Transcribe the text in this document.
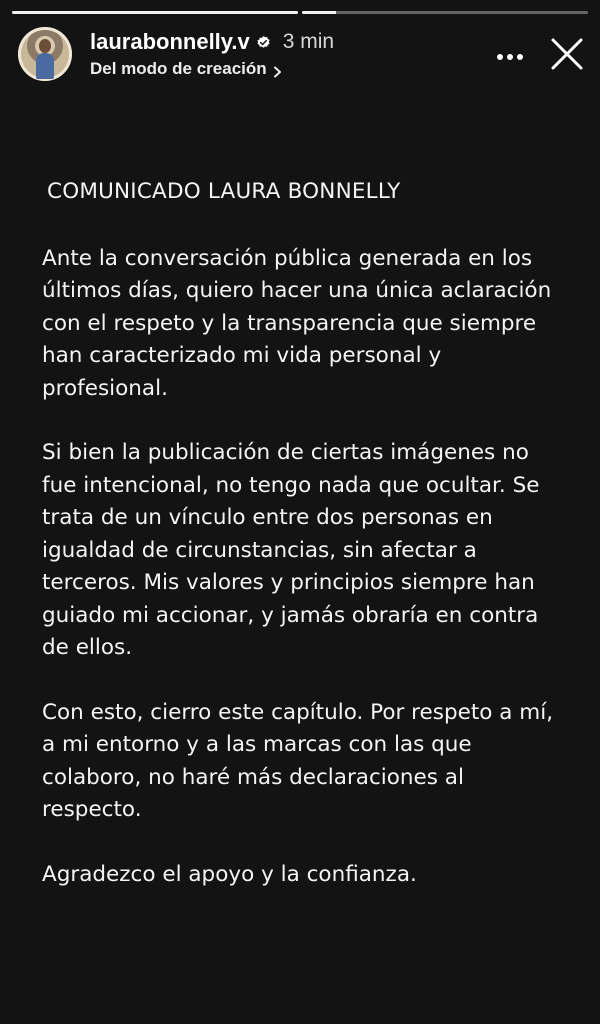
laurabonnelly.v 3 min
Del modo de creación
COMUNICADO LAURA BONNELLY
Ante la conversación pública generada en los
últimos días, quiero hacer una única aclaración
con el respeto y la transparencia que siempre
han caracterizado mi vida personal y
profesional.
Si bien la publicación de ciertas imágenes no
fue intencional, no tengo nada que ocultar. Se
trata de un vínculo entre dos personas en
igualdad de circunstancias, sin afectar a
terceros. Mis valores y principios siempre han
guiado mi accionar, y jamás obraría en contra
de ellos.
Con esto, cierro este capítulo. Por respeto a mí,
a mi entorno y a las marcas con las que
colaboro, no haré más declaraciones al
respecto.
Agradezco el apoyo y la confianza.
